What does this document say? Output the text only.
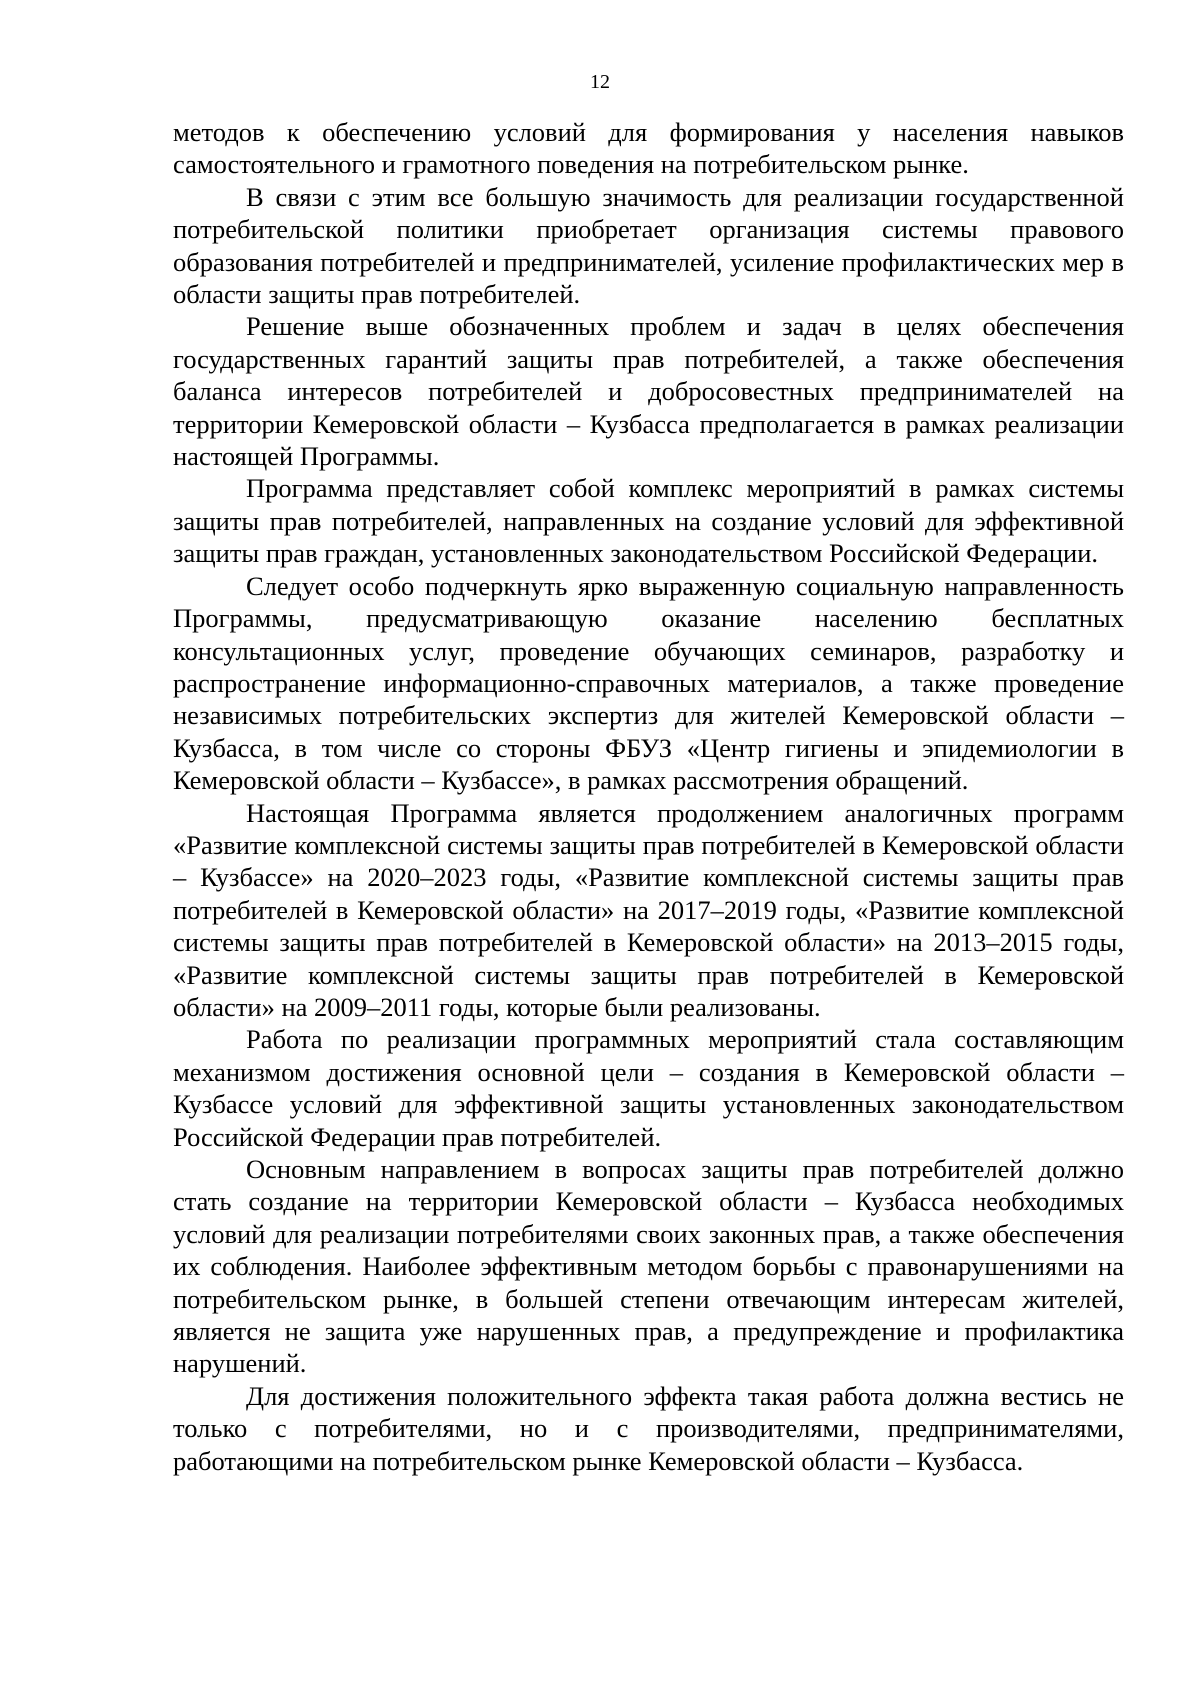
12

методов к обеспечению условий для формирования у населения навыков самостоятельного и грамотного поведения на потребительском рынке.

В связи с этим все большую значимость для реализации государственной потребительской политики приобретает организация системы правового образования потребителей и предпринимателей, усиление профилактических мер в области защиты прав потребителей.

Решение выше обозначенных проблем и задач в целях обеспечения государственных гарантий защиты прав потребителей, а также обеспечения баланса интересов потребителей и добросовестных предпринимателей на территории Кемеровской области – Кузбасса предполагается в рамках реализации настоящей Программы.

Программа представляет собой комплекс мероприятий в рамках системы защиты прав потребителей, направленных на создание условий для эффективной защиты прав граждан, установленных законодательством Российской Федерации.

Следует особо подчеркнуть ярко выраженную социальную направленность Программы, предусматривающую оказание населению бесплатных консультационных услуг, проведение обучающих семинаров, разработку и распространение информационно-справочных материалов, а также проведение независимых потребительских экспертиз для жителей Кемеровской области – Кузбасса, в том числе со стороны ФБУЗ «Центр гигиены и эпидемиологии в Кемеровской области – Кузбассе», в рамках рассмотрения обращений.

Настоящая Программа является продолжением аналогичных программ «Развитие комплексной системы защиты прав потребителей в Кемеровской области – Кузбассе» на 2020–2023 годы, «Развитие комплексной системы защиты прав потребителей в Кемеровской области» на 2017–2019 годы, «Развитие комплексной системы защиты прав потребителей в Кемеровской области» на 2013–2015 годы, «Развитие комплексной системы защиты прав потребителей в Кемеровской области» на 2009–2011 годы, которые были реализованы.

Работа по реализации программных мероприятий стала составляющим механизмом достижения основной цели – создания в Кемеровской области – Кузбассе условий для эффективной защиты установленных законодательством Российской Федерации прав потребителей.

Основным направлением в вопросах защиты прав потребителей должно стать создание на территории Кемеровской области – Кузбасса необходимых условий для реализации потребителями своих законных прав, а также обеспечения их соблюдения. Наиболее эффективным методом борьбы с правонарушениями на потребительском рынке, в большей степени отвечающим интересам жителей, является не защита уже нарушенных прав, а предупреждение и профилактика нарушений.

Для достижения положительного эффекта такая работа должна вестись не только с потребителями, но и с производителями, предпринимателями, работающими на потребительском рынке Кемеровской области – Кузбасса.
